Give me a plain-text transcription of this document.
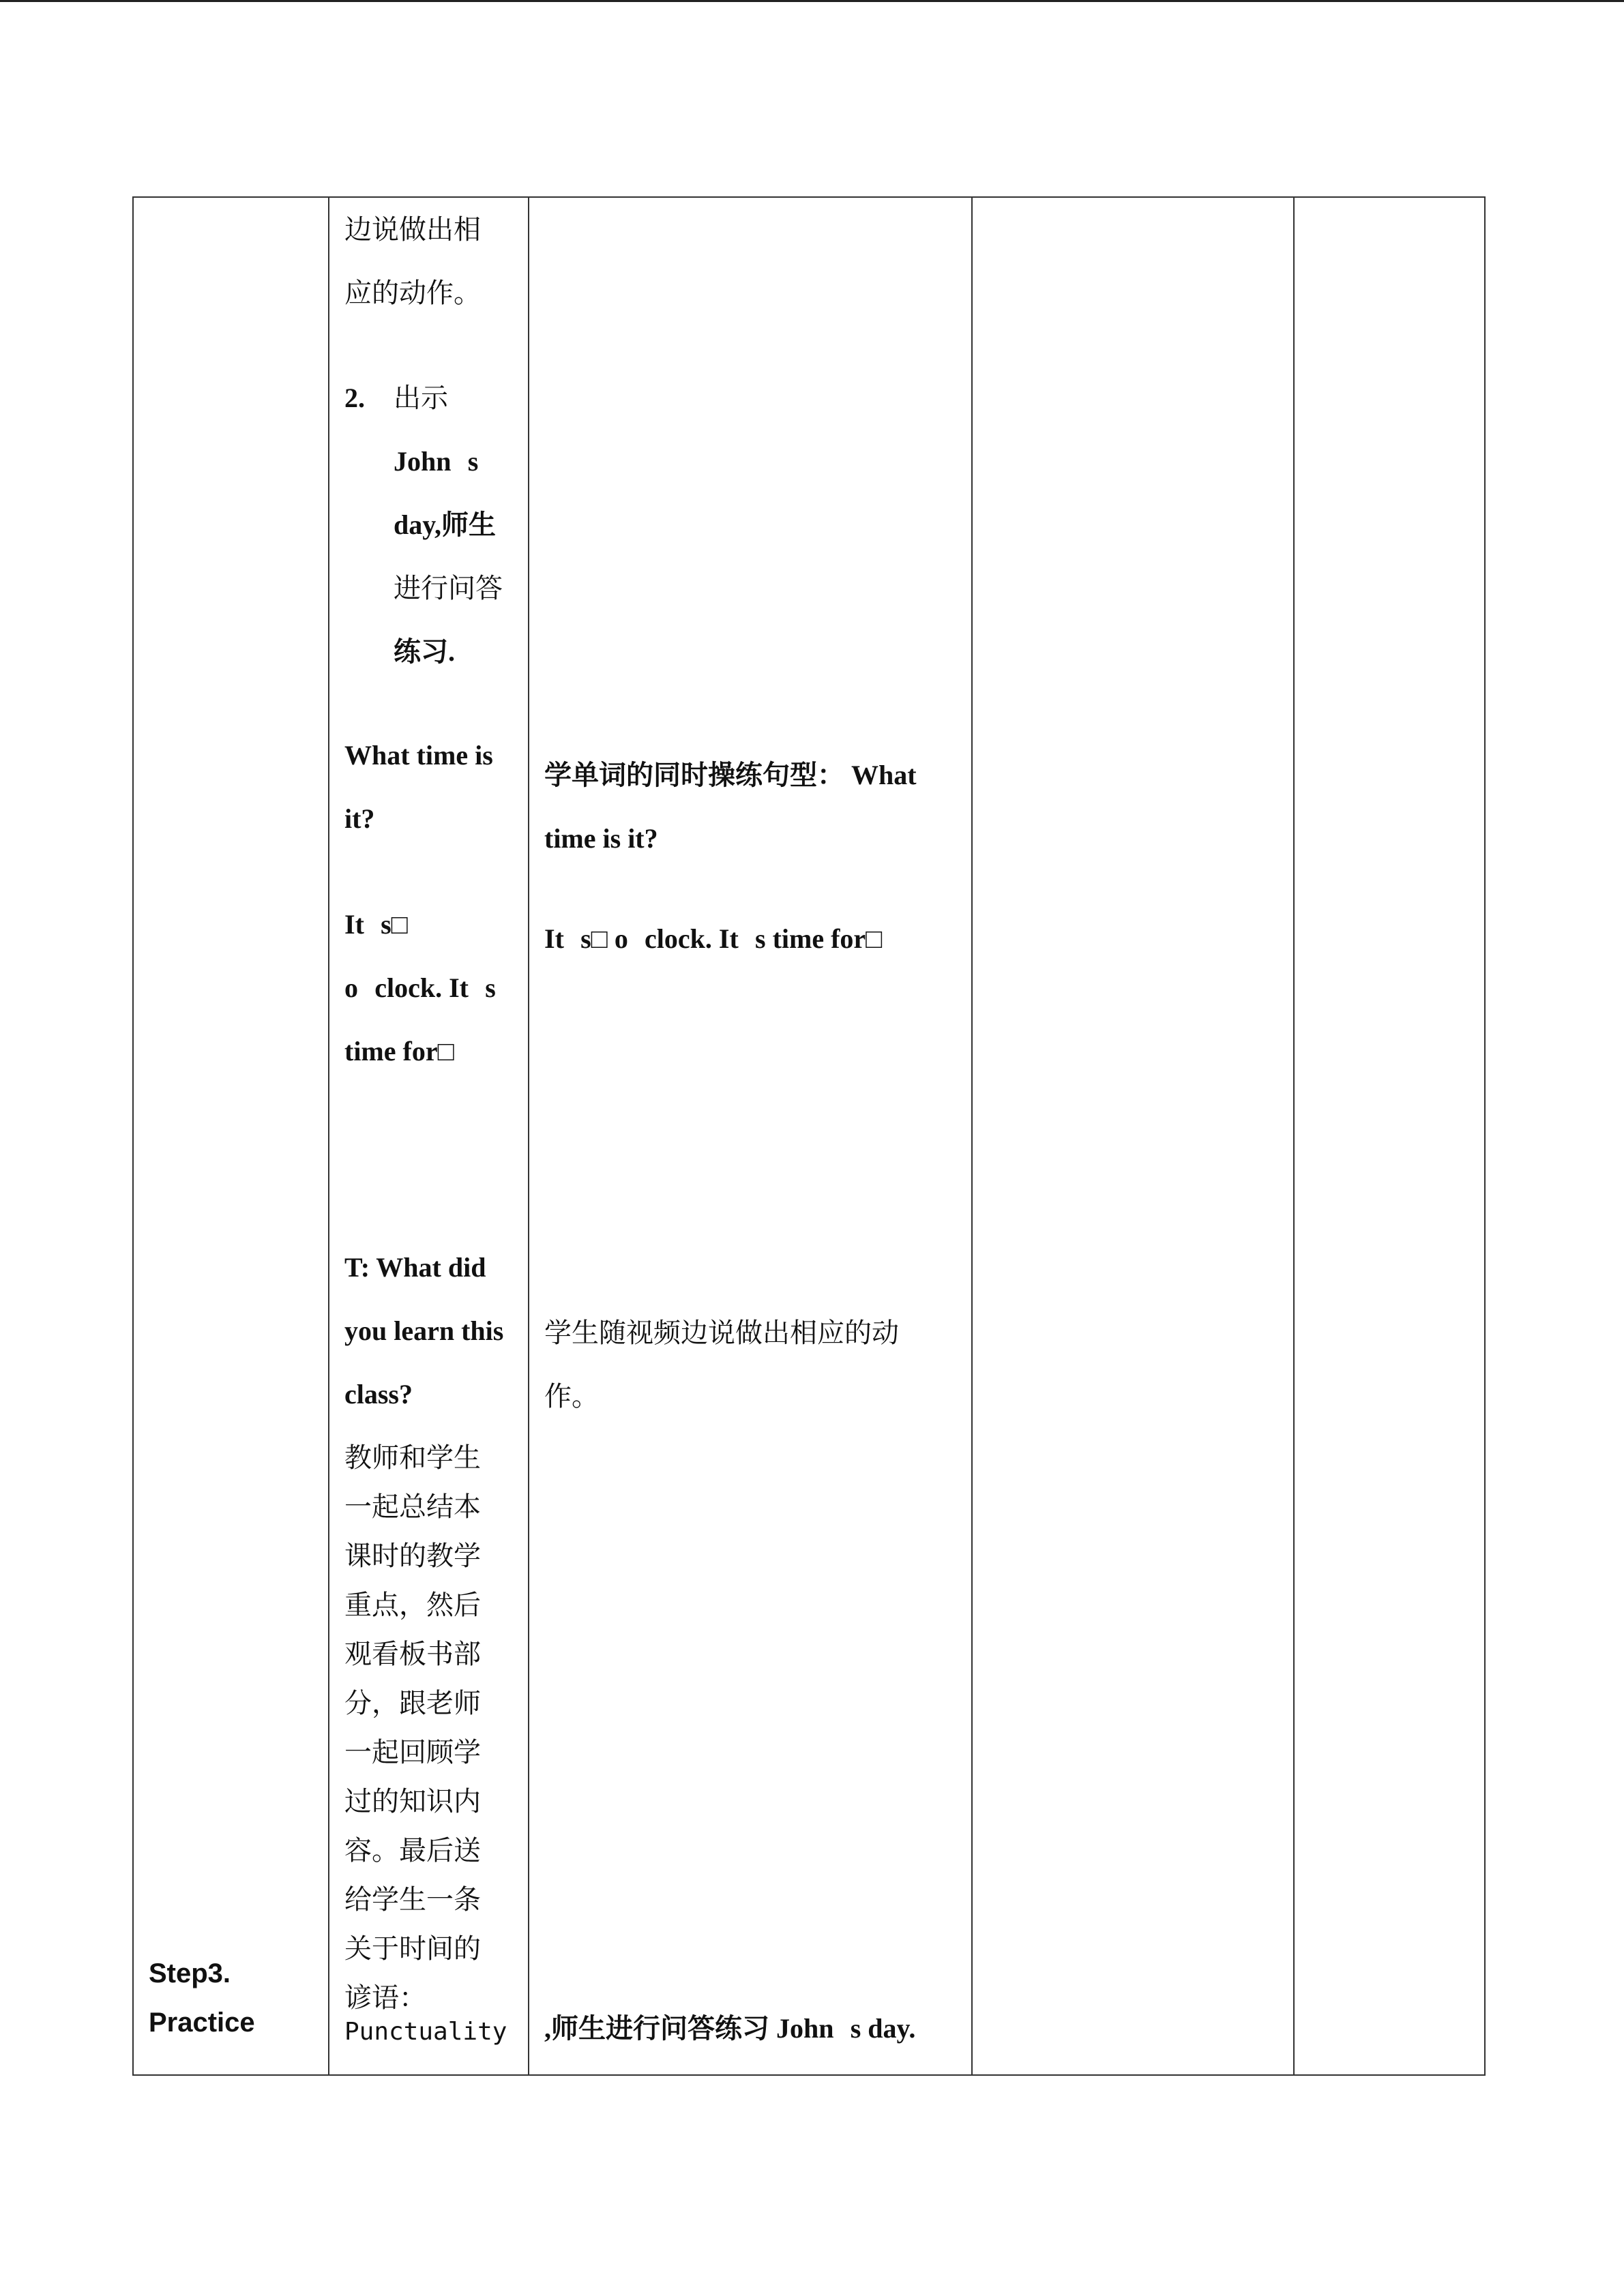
边说做出相
应的动作。
2. 出示
Johns
day,师生
进行问答
练习.
What time is
it?
Its□
oclock. Its
time for□
T: What did
you learn this
class?
教师和学生
一起总结本
课时的教学
重点，然后
观看板书部
分，跟老师
一起回顾学
过的知识内
容。最后送
给学生一条
关于时间的
谚语：
Punctuality
Step3.
Practice
学单词的同时操练句型： What
time is it?
Its□ oclock. Its time for□
学生随视频边说做出相应的动
作。
,师生进行问答练习 Johns day.
